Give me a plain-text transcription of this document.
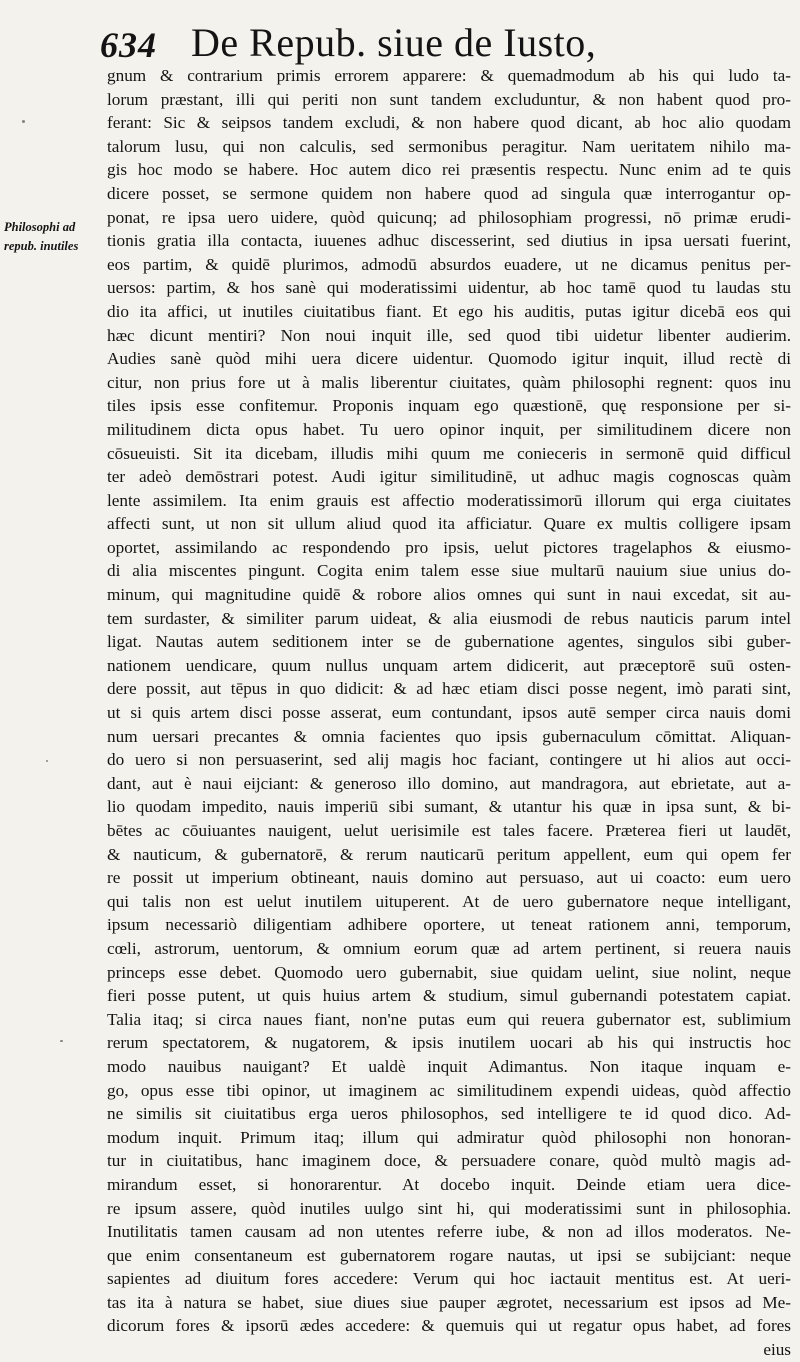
634 De Repub. siue de Iusto,
Philosophi ad
repub. inutiles
gnum & contrarium primis errorem apparere: & quemadmodum ab his qui ludo ta-
lorum præstant, illi qui periti non sunt tandem excluduntur, & non habent quod pro-
ferant: Sic & seipsos tandem excludi, & non habere quod dicant, ab hoc alio quodam
talorum lusu, qui non calculis, sed sermonibus peragitur. Nam ueritatem nihilo ma-
gis hoc modo se habere. Hoc autem dico rei præsentis respectu. Nunc enim ad te quis
dicere posset, se sermone quidem non habere quod ad singula quæ interrogantur op-
ponat, re ipsa uero uidere, quòd quicunq; ad philosophiam progressi, nō primæ erudi-
tionis gratia illa contacta, iuuenes adhuc discesserint, sed diutius in ipsa uersati fuerint,
eos partim, & quidē plurimos, admodū absurdos euadere, ut ne dicamus penitus per-
uersos: partim, & hos sanè qui moderatissimi uidentur, ab hoc tamē quod tu laudas stu
dio ita affici, ut inutiles ciuitatibus fiant. Et ego his auditis, putas igitur dicebā eos qui
hæc dicunt mentiri? Non noui inquit ille, sed quod tibi uidetur libenter audierim.
Audies sanè quòd mihi uera dicere uidentur. Quomodo igitur inquit, illud rectè di
citur, non prius fore ut à malis liberentur ciuitates, quàm philosophi regnent: quos inu
tiles ipsis esse confitemur. Proponis inquam ego quæstionē, quę responsione per si-
militudinem dicta opus habet. Tu uero opinor inquit, per similitudinem dicere non
cōsueuisti. Sit ita dicebam, illudis mihi quum me conieceris in sermonē quid difficul
ter adeò demōstrari potest. Audi igitur similitudinē, ut adhuc magis cognoscas quàm
lente assimilem. Ita enim grauis est affectio moderatissimorū illorum qui erga ciuitates
affecti sunt, ut non sit ullum aliud quod ita afficiatur. Quare ex multis colligere ipsam
oportet, assimilando ac respondendo pro ipsis, uelut pictores tragelaphos & eiusmo-
di alia miscentes pingunt. Cogita enim talem esse siue multarū nauium siue unius do-
minum, qui magnitudine quidē & robore alios omnes qui sunt in naui excedat, sit au-
tem surdaster, & similiter parum uideat, & alia eiusmodi de rebus nauticis parum intel
ligat. Nautas autem seditionem inter se de gubernatione agentes, singulos sibi guber-
nationem uendicare, quum nullus unquam artem didicerit, aut præceptorē suū osten-
dere possit, aut tēpus in quo didicit: & ad hæc etiam disci posse negent, imò parati sint,
ut si quis artem disci posse asserat, eum contundant, ipsos autē semper circa nauis domi
num uersari precantes & omnia facientes quo ipsis gubernaculum cōmittat. Aliquan-
do uero si non persuaserint, sed alij magis hoc faciant, contingere ut hi alios aut occi-
dant, aut è naui eijciant: & generoso illo domino, aut mandragora, aut ebrietate, aut a-
lio quodam impedito, nauis imperiū sibi sumant, & utantur his quæ in ipsa sunt, & bi-
bētes ac cōuiuantes nauigent, uelut uerisimile est tales facere. Præterea fieri ut laudēt,
& nauticum, & gubernatorē, & rerum nauticarū peritum appellent, eum qui opem fer
re possit ut imperium obtineant, nauis domino aut persuaso, aut ui coacto: eum uero
qui talis non est uelut inutilem uituperent. At de uero gubernatore neque intelligant,
ipsum necessariò diligentiam adhibere oportere, ut teneat rationem anni, temporum,
cœli, astrorum, uentorum, & omnium eorum quæ ad artem pertinent, si reuera nauis
princeps esse debet. Quomodo uero gubernabit, siue quidam uelint, siue nolint, neque
fieri posse putent, ut quis huius artem & studium, simul gubernandi potestatem capiat.
Talia itaq; si circa naues fiant, non'ne putas eum qui reuera gubernator est, sublimium
rerum spectatorem, & nugatorem, & ipsis inutilem uocari ab his qui instructis hoc
modo nauibus nauigant? Et ualdè inquit Adimantus. Non itaque inquam e-
go, opus esse tibi opinor, ut imaginem ac similitudinem expendi uideas, quòd affectio
ne similis sit ciuitatibus erga ueros philosophos, sed intelligere te id quod dico. Ad-
modum inquit. Primum itaq; illum qui admiratur quòd philosophi non honoran-
tur in ciuitatibus, hanc imaginem doce, & persuadere conare, quòd multò magis ad-
mirandum esset, si honorarentur. At docebo inquit. Deinde etiam uera dice-
re ipsum assere, quòd inutiles uulgo sint hi, qui moderatissimi sunt in philosophia.
Inutilitatis tamen causam ad non utentes referre iube, & non ad illos moderatos. Ne-
que enim consentaneum est gubernatorem rogare nautas, ut ipsi se subijciant: neque
sapientes ad diuitum fores accedere: Verum qui hoc iactauit mentitus est. At ueri-
tas ita à natura se habet, siue diues siue pauper ægrotet, necessarium est ipsos ad Me-
dicorum fores & ipsorū ædes accedere: & quemuis qui ut regatur opus habet, ad fores
eius
